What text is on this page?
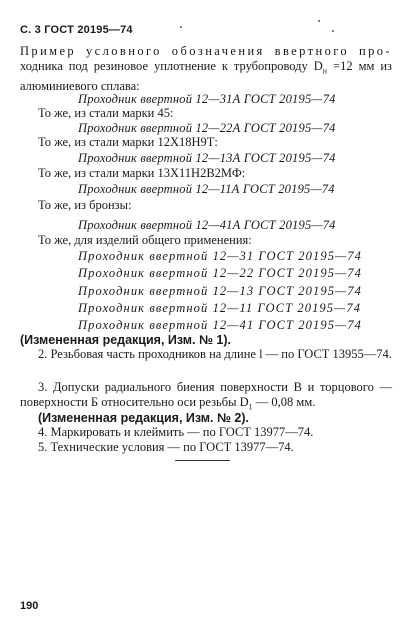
С. 3 ГОСТ 20195—74
Пример условного обозначения ввертного про- ходника под резиновое уплотнение к трубопроводу $D_н =12$ мм из алюминиевого сплава:
Проходник ввертной 12—31А ГОСТ 20195—74
То же, из стали марки 45:
Проходник ввертной 12—22А ГОСТ 20195—74
То же, из стали марки 12Х18Н9Т:
Проходник ввертной 12—13А ГОСТ 20195—74
То же, из стали марки 13Х11Н2В2МФ:
Проходник ввертной 12—11А ГОСТ 20195—74
То же, из бронзы:
Проходник ввертной 12—41А ГОСТ 20195—74
То же, для изделий общего применения:
Проходник ввертной 12—31 ГОСТ 20195—74
Проходник ввертной 12—22 ГОСТ 20195—74
Проходник ввертной 12—13 ГОСТ 20195—74
Проходник ввертной 12—11 ГОСТ 20195—74
Проходник ввертной 12—41 ГОСТ 20195—74
(Измененная редакция, Изм. № 1).
2. Резьбовая часть проходников на длине l — по ГОСТ 13955—74.
3. Допуски радиального биения поверхности В и торцового — поверхности Б относительно оси резьбы $D_1$ — 0,08 мм.
(Измененная редакция, Изм. № 2).
4. Маркировать и клеймить — по ГОСТ 13977—74.
5. Технические условия — по ГОСТ 13977—74.
190
